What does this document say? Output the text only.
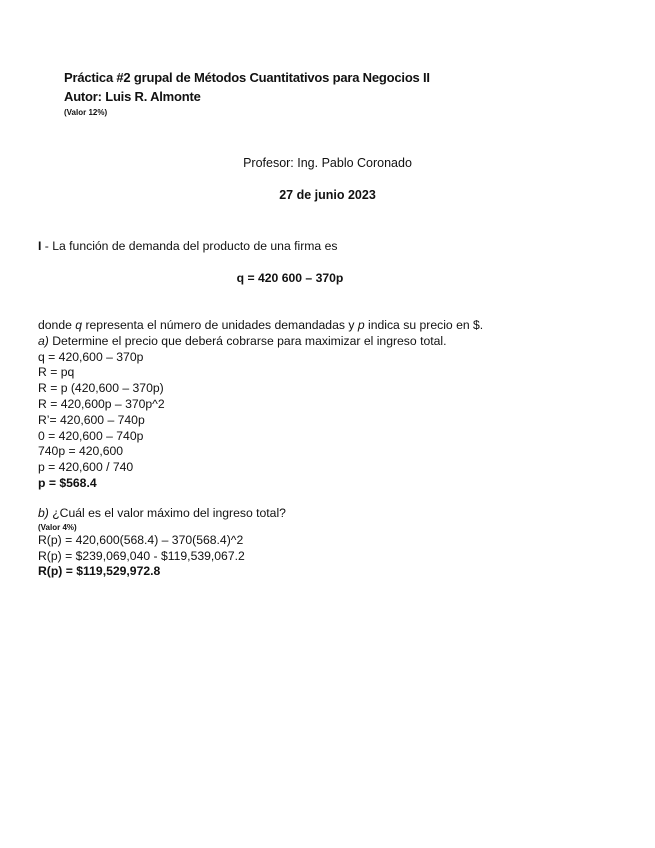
Práctica #2 grupal de Métodos Cuantitativos para Negocios II
Autor: Luis R. Almonte
(Valor 12%)
Profesor: Ing. Pablo Coronado
27 de junio 2023
I - La función de demanda del producto de una firma es
q = 420 600 – 370p
donde q representa el número de unidades demandadas y p indica su precio en $.
a) Determine el precio que deberá cobrarse para maximizar el ingreso total.
q = 420,600 – 370p
R = pq
R = p (420,600 – 370p)
R = 420,600p – 370p^2
R’= 420,600 – 740p
0 = 420,600 – 740p
740p = 420,600
p = 420,600 / 740
p = $568.4
b) ¿Cuál es el valor máximo del ingreso total?
(Valor 4%)
R(p) = 420,600(568.4) – 370(568.4)^2
R(p) = $239,069,040 - $119,539,067.2
R(p) = $119,529,972.8
